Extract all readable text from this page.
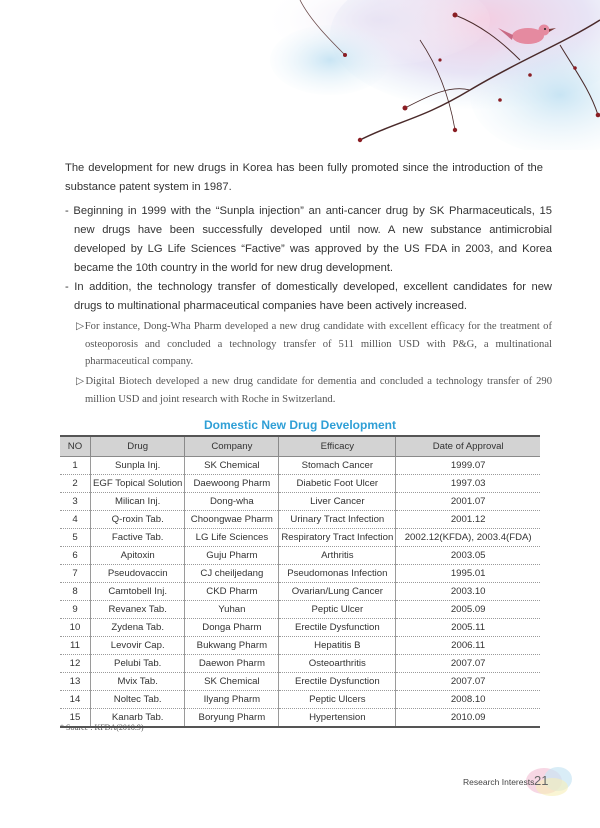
The development for new drugs in Korea has been fully promoted since the introduction of the substance patent system in 1987.

- Beginning in 1999 with the “Sunpla injection” an anti-cancer drug by SK Pharmaceuticals, 15 new drugs have been successfully developed until now. A new substance antimicrobial developed by LG Life Sciences “Factive” was approved by the US FDA in 2003, and Korea became the 10th country in the world for new drug development.

- In addition, the technology transfer of domestically developed, excellent candidates for new drugs to multinational pharmaceutical companies have been actively increased.

▷For instance, Dong-Wha Pharm developed a new drug candidate with excellent efficacy for the treatment of osteoporosis and concluded a technology transfer of 511 million USD with P&G, a multinational pharmaceutical company.

▷Digital Biotech developed a new drug candidate for dementia and concluded a technology transfer of 290 million USD and joint research with Roche in Switzerland.

Domestic New Drug Development
NO	Drug	Company	Efficacy	Date of Approval
1	Sunpla Inj.	SK Chemical	Stomach Cancer	1999.07
2	EGF Topical Solution	Daewoong Pharm	Diabetic Foot Ulcer	1997.03
3	Milican Inj.	Dong-wha	Liver Cancer	2001.07
4	Q-roxin Tab.	Choongwae Pharm	Urinary Tract Infection	2001.12
5	Factive Tab.	LG Life Sciences	Respiratory Tract Infection	2002.12(KFDA), 2003.4(FDA)
6	Apitoxin	Guju Pharm	Arthritis	2003.05
7	Pseudovaccin	CJ cheiljedang	Pseudomonas Infection	1995.01
8	Camtobell Inj.	CKD Pharm	Ovarian/Lung Cancer	2003.10
9	Revanex Tab.	Yuhan	Peptic Ulcer	2005.09
10	Zydena Tab.	Donga Pharm	Erectile Dysfunction	2005.11
11	Levovir Cap.	Bukwang Pharm	Hepatitis B	2006.11
12	Pelubi Tab.	Daewon Pharm	Osteoarthritis	2007.07
13	Mvix Tab.	SK Chemical	Erectile Dysfunction	2007.07
14	Noltec Tab.	Ilyang Pharm	Peptic Ulcers	2008.10
15	Kanarb Tab.	Boryung Pharm	Hypertension	2010.09
* Source : KFDA(2010.9)
Research Interests 21
